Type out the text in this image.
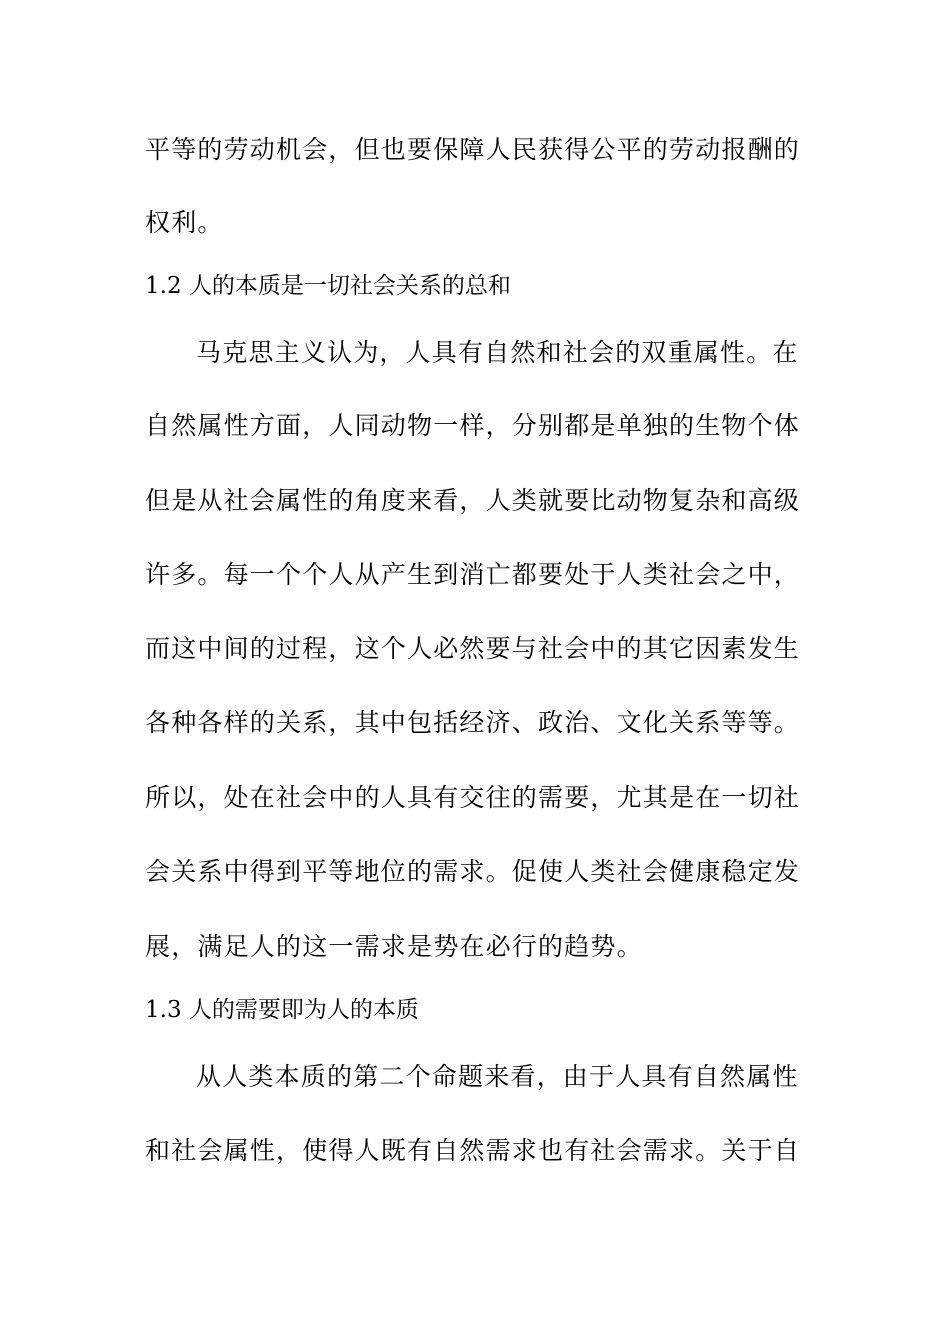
平等的劳动机会，但也要保障人民获得公平的劳动报酬的
权利。
1.2 人的本质是一切社会关系的总和
马克思主义认为，人具有自然和社会的双重属性。在
自然属性方面，人同动物一样，分别都是单独的生物个体
但是从社会属性的角度来看，人类就要比动物复杂和高级
许多。每一个个人从产生到消亡都要处于人类社会之中，
而这中间的过程，这个人必然要与社会中的其它因素发生
各种各样的关系，其中包括经济、政治、文化关系等等。
所以，处在社会中的人具有交往的需要，尤其是在一切社
会关系中得到平等地位的需求。促使人类社会健康稳定发
展，满足人的这一需求是势在必行的趋势。
1.3 人的需要即为人的本质
从人类本质的第二个命题来看，由于人具有自然属性
和社会属性，使得人既有自然需求也有社会需求。关于自
